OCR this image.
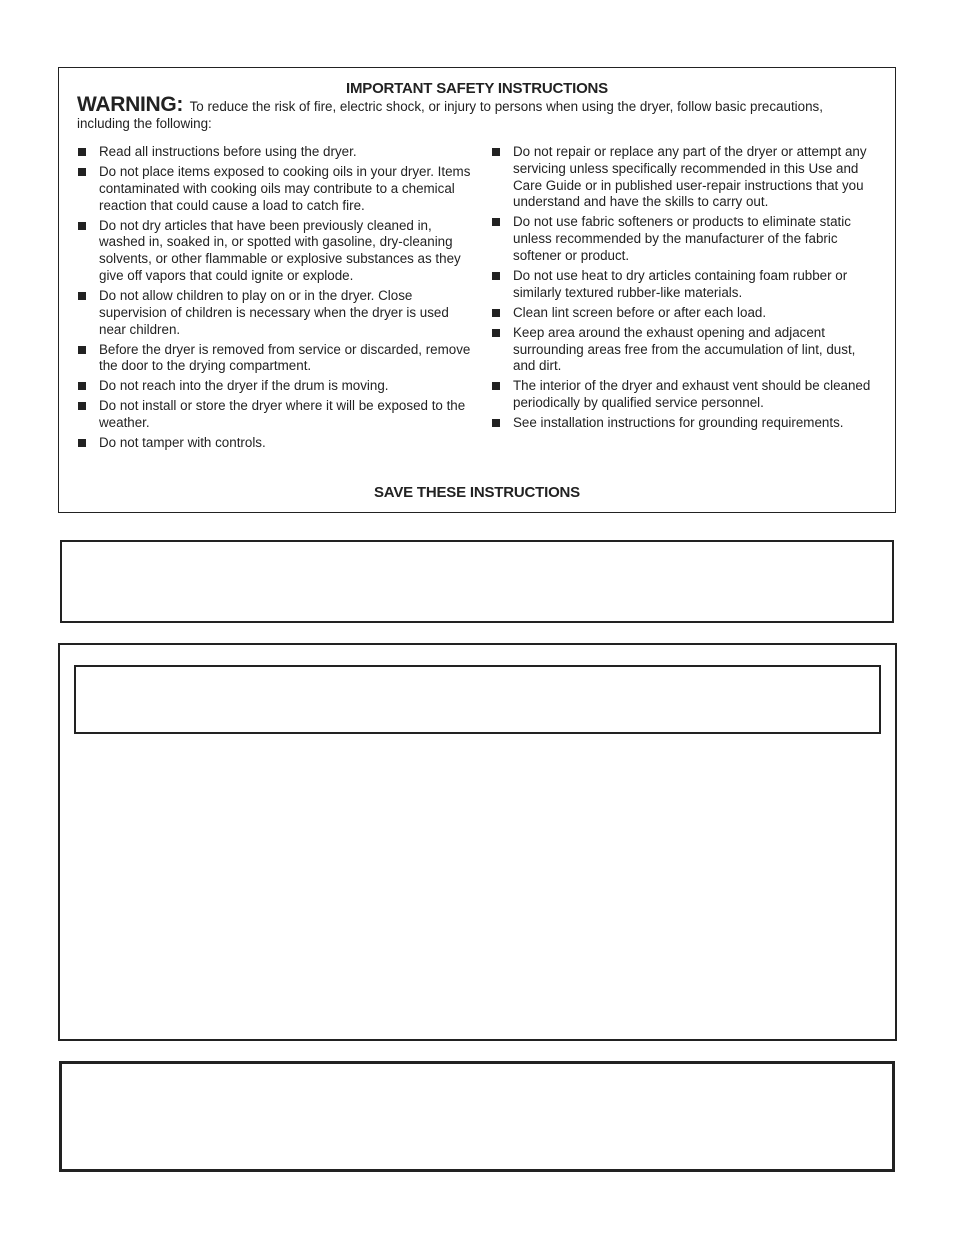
IMPORTANT SAFETY INSTRUCTIONS
WARNING: To reduce the risk of fire, electric shock, or injury to persons when using the dryer, follow basic precautions, including the following:
Read all instructions before using the dryer.
Do not place items exposed to cooking oils in your dryer. Items contaminated with cooking oils may contribute to a chemical reaction that could cause a load to catch fire.
Do not dry articles that have been previously cleaned in, washed in, soaked in, or spotted with gasoline, dry-cleaning solvents, or other flammable or explosive substances as they give off vapors that could ignite or explode.
Do not allow children to play on or in the dryer. Close supervision of children is necessary when the dryer is used near children.
Before the dryer is removed from service or discarded, remove the door to the drying compartment.
Do not reach into the dryer if the drum is moving.
Do not install or store the dryer where it will be exposed to the weather.
Do not tamper with controls.
Do not repair or replace any part of the dryer or attempt any servicing unless specifically recommended in this Use and Care Guide or in published user-repair instructions that you understand and have the skills to carry out.
Do not use fabric softeners or products to eliminate static unless recommended by the manufacturer of the fabric softener or product.
Do not use heat to dry articles containing foam rubber or similarly textured rubber-like materials.
Clean lint screen before or after each load.
Keep area around the exhaust opening and adjacent surrounding areas free from the accumulation of lint, dust, and dirt.
The interior of the dryer and exhaust vent should be cleaned periodically by qualified service personnel.
See installation instructions for grounding requirements.
SAVE THESE INSTRUCTIONS
